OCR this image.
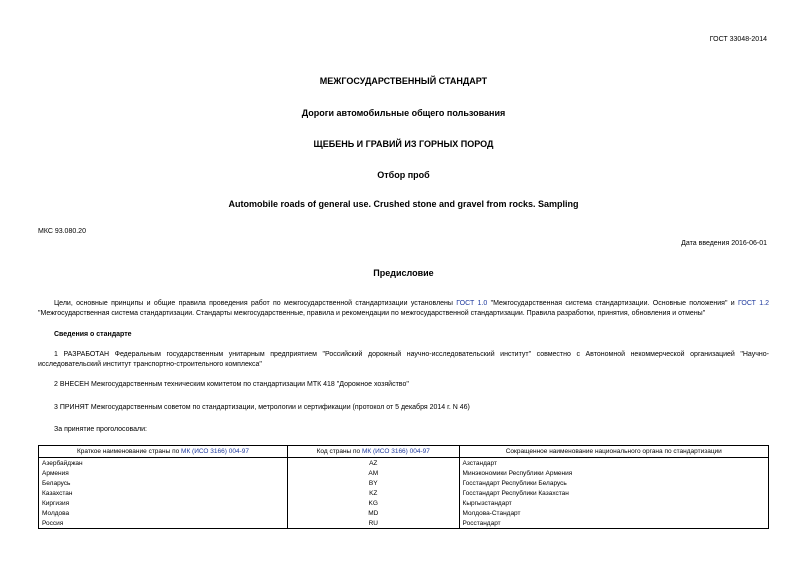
ГОСТ 33048-2014
МЕЖГОСУДАРСТВЕННЫЙ СТАНДАРТ
Дороги автомобильные общего пользования
ЩЕБЕНЬ И ГРАВИЙ ИЗ ГОРНЫХ ПОРОД
Отбор проб
Automobile roads of general use. Crushed stone and gravel from rocks. Sampling
МКС 93.080.20
Дата введения 2016-06-01
Предисловие
Цели, основные принципы и общие правила проведения работ по межгосударственной стандартизации установлены ГОСТ 1.0 "Межгосударственная система стандартизации. Основные положения" и ГОСТ 1.2 "Межгосударственная система стандартизации. Стандарты межгосударственные, правила и рекомендации по межгосударственной стандартизации. Правила разработки, принятия, обновления и отмены"
Сведения о стандарте
1 РАЗРАБОТАН Федеральным государственным унитарным предприятием "Российский дорожный научно-исследовательский институт" совместно с Автономной некоммерческой организацией "Научно-исследовательский институт транспортно-строительного комплекса"
2 ВНЕСЕН Межгосударственным техническим комитетом по стандартизации МТК 418 "Дорожное хозяйство"
3 ПРИНЯТ Межгосударственным советом по стандартизации, метрологии и сертификации (протокол от 5 декабря 2014 г. N 46)
За принятие проголосовали:
Краткое наименование страны по МК (ИСО 3166) 004-97	Код страны по МК (ИСО 3166) 004-97	Сокращенное наименование национального органа по стандартизации
Азербайджан	AZ	Азстандарт
Армения	AM	Минэкономики Республики Армения
Беларусь	BY	Госстандарт Республики Беларусь
Казахстан	KZ	Госстандарт Республики Казахстан
Киргизия	KG	Кыргызстандарт
Молдова	MD	Молдова-Стандарт
Россия	RU	Росстандарт
